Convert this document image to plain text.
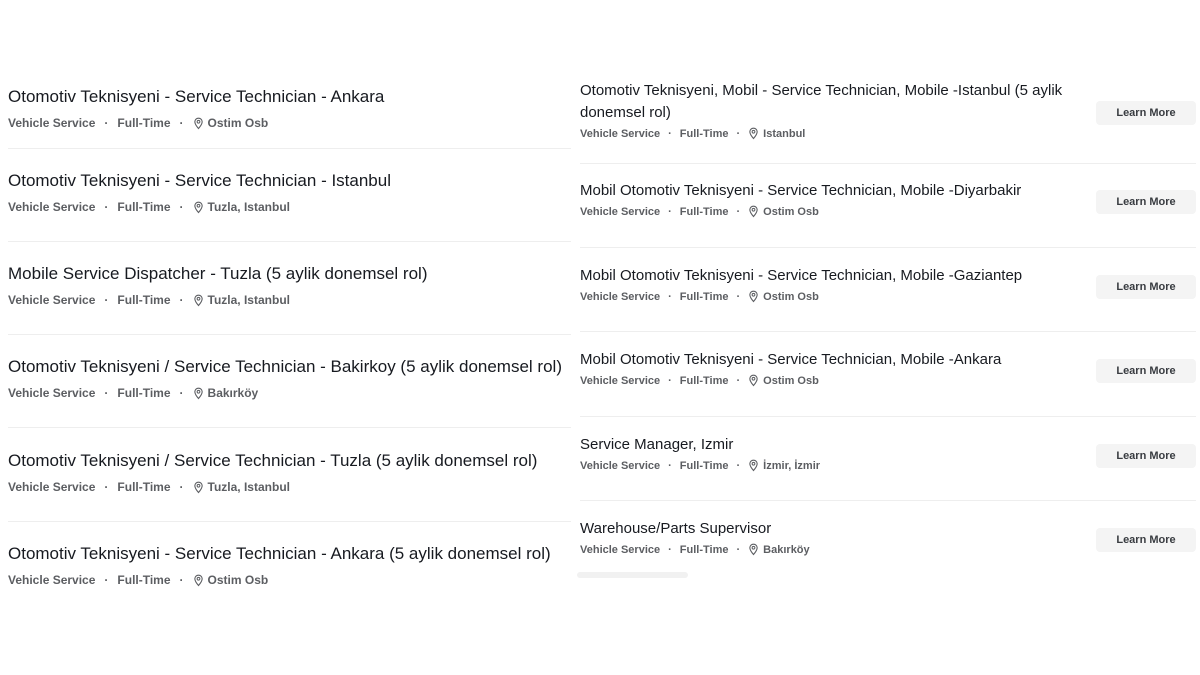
Otomotiv Teknisyeni - Service Technician - Ankara
Vehicle Service · Full-Time · Ostim Osb
Otomotiv Teknisyeni - Service Technician - Istanbul
Vehicle Service · Full-Time · Tuzla, Istanbul
Mobile Service Dispatcher - Tuzla (5 aylik donemsel rol)
Vehicle Service · Full-Time · Tuzla, Istanbul
Otomotiv Teknisyeni / Service Technician - Bakirkoy (5 aylik donemsel rol)
Vehicle Service · Full-Time · Bakırköy
Otomotiv Teknisyeni / Service Technician - Tuzla (5 aylik donemsel rol)
Vehicle Service · Full-Time · Tuzla, Istanbul
Otomotiv Teknisyeni - Service Technician - Ankara (5 aylik donemsel rol)
Vehicle Service · Full-Time · Ostim Osb
Otomotiv Teknisyeni, Mobil - Service Technician, Mobile -Istanbul (5 aylik donemsel rol)
Vehicle Service · Full-Time · Istanbul
Learn More
Mobil Otomotiv Teknisyeni - Service Technician, Mobile -Diyarbakir
Vehicle Service · Full-Time · Ostim Osb
Learn More
Mobil Otomotiv Teknisyeni - Service Technician, Mobile -Gaziantep
Vehicle Service · Full-Time · Ostim Osb
Learn More
Mobil Otomotiv Teknisyeni - Service Technician, Mobile -Ankara
Vehicle Service · Full-Time · Ostim Osb
Learn More
Service Manager, Izmir
Vehicle Service · Full-Time · İzmir, İzmir
Learn More
Warehouse/Parts Supervisor
Vehicle Service · Full-Time · Bakırköy
Learn More
